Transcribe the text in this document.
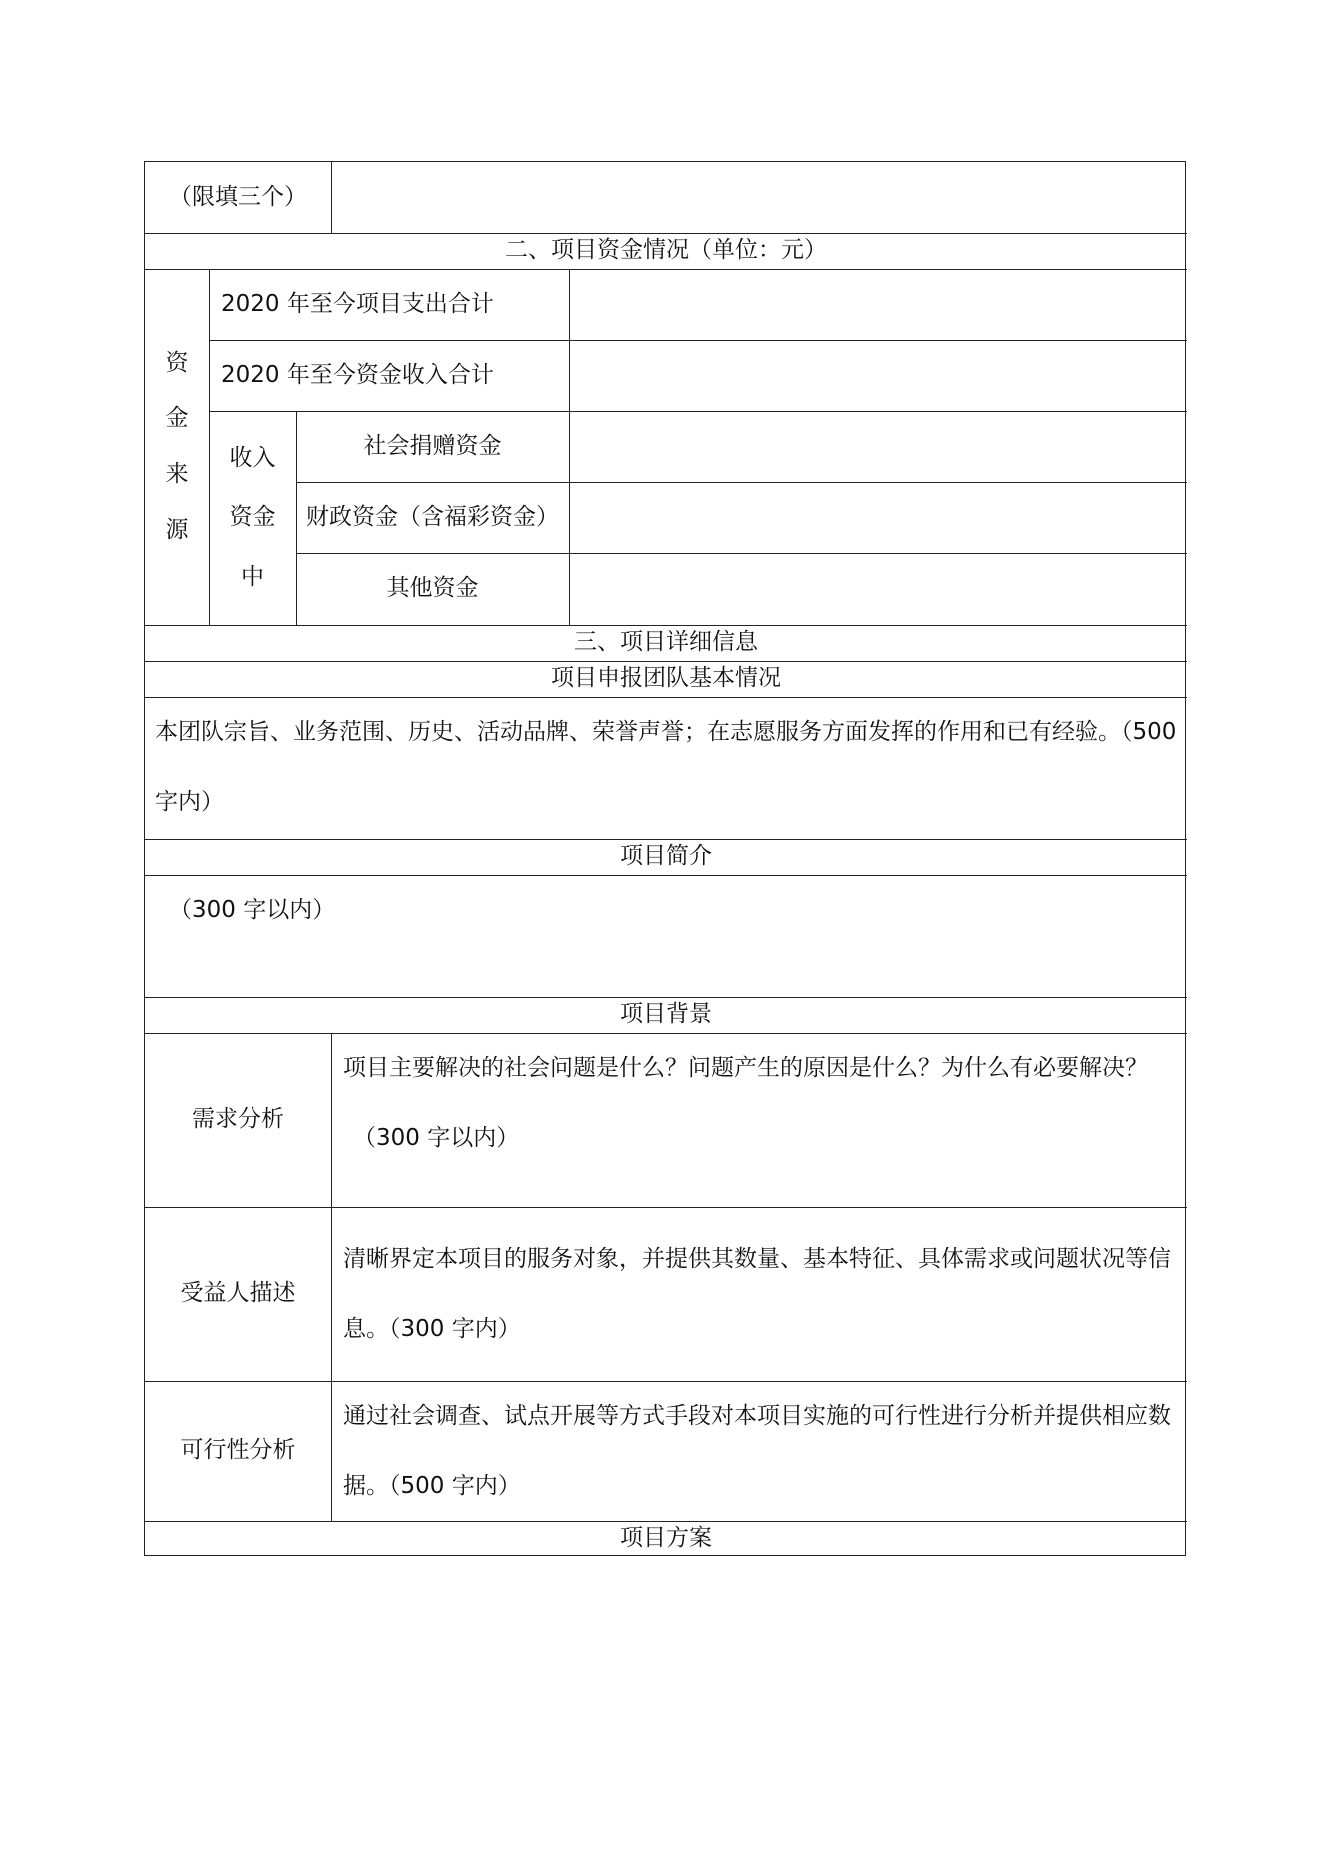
（限填三个）
二、项目资金情况（单位：元）
资
金
来
源
2020 年至今项目支出合计
2020 年至今资金收入合计
收入
资金
中
社会捐赠资金
财政资金（含福彩资金）
其他资金
三、项目详细信息
项目申报团队基本情况
本团队宗旨、业务范围、历史、活动品牌、荣誉声誉；在志愿服务方面发挥的作用和已有经验。（500 字内）
项目简介
（300 字以内）
项目背景
需求分析
项目主要解决的社会问题是什么？问题产生的原因是什么？为什么有必要解决？
（300 字以内）
受益人描述
清晰界定本项目的服务对象，并提供其数量、基本特征、具体需求或问题状况等信息。（300 字内）
可行性分析
通过社会调查、试点开展等方式手段对本项目实施的可行性进行分析并提供相应数据。（500 字内）
项目方案
